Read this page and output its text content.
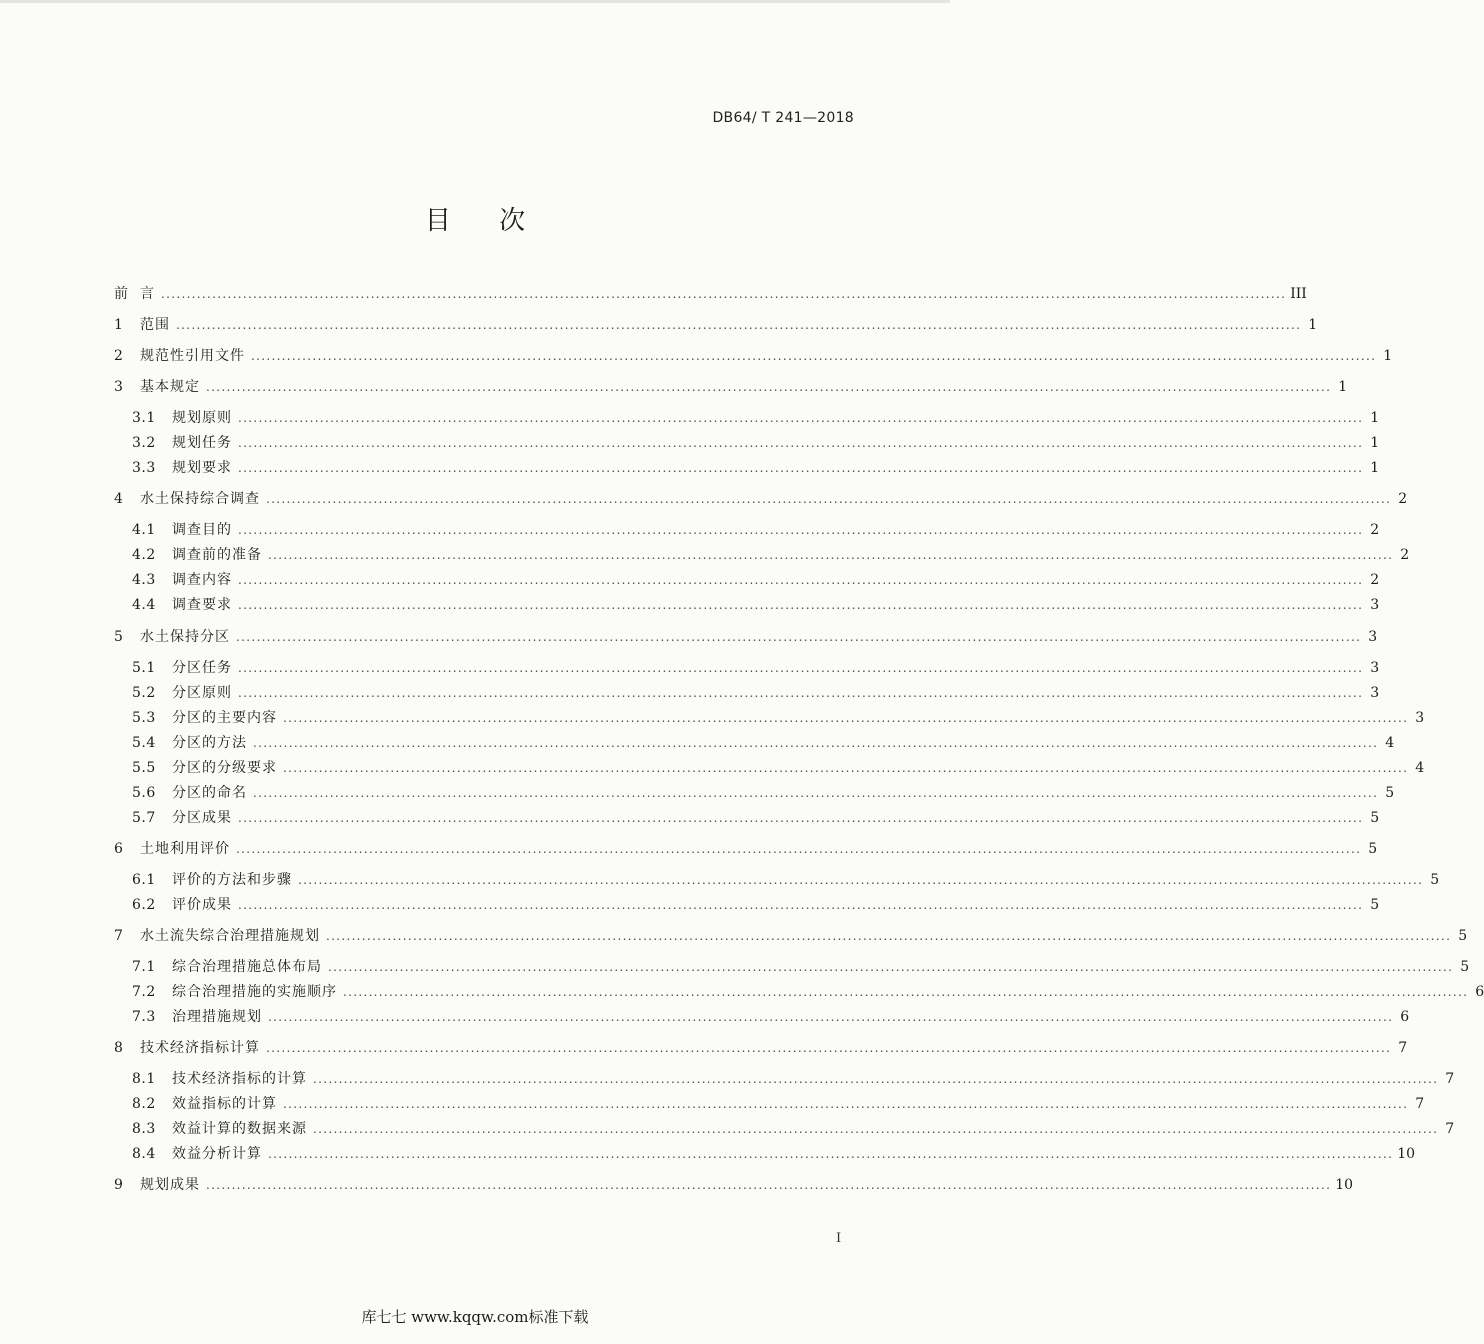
DB64/ T 241—2018
目 次
前 言 ............................................................................................................................................................................................................................ III
1	范围 ............................................................................................................................................................................................................................ 1
2	规范性引用文件 ............................................................................................................................................................................................................................ 1
3	基本规定 ............................................................................................................................................................................................................................ 1
3.1	规划原则 ............................................................................................................................................................................................................................ 1
3.2	规划任务 ............................................................................................................................................................................................................................ 1
3.3	规划要求 ............................................................................................................................................................................................................................ 1
4	水土保持综合调查 ............................................................................................................................................................................................................................ 2
4.1	调查目的 ............................................................................................................................................................................................................................ 2
4.2	调查前的准备 ............................................................................................................................................................................................................................ 2
4.3	调查内容 ............................................................................................................................................................................................................................ 2
4.4	调查要求 ............................................................................................................................................................................................................................ 3
5	水土保持分区 ............................................................................................................................................................................................................................ 3
5.1	分区任务 ............................................................................................................................................................................................................................ 3
5.2	分区原则 ............................................................................................................................................................................................................................ 3
5.3	分区的主要内容 ............................................................................................................................................................................................................................ 3
5.4	分区的方法 ............................................................................................................................................................................................................................ 4
5.5	分区的分级要求 ............................................................................................................................................................................................................................ 4
5.6	分区的命名 ............................................................................................................................................................................................................................ 5
5.7	分区成果 ............................................................................................................................................................................................................................ 5
6	土地利用评价 ............................................................................................................................................................................................................................ 5
6.1	评价的方法和步骤 ............................................................................................................................................................................................................................ 5
6.2	评价成果 ............................................................................................................................................................................................................................ 5
7	水土流失综合治理措施规划 ............................................................................................................................................................................................................................ 5
7.1	综合治理措施总体布局 ............................................................................................................................................................................................................................ 5
7.2	综合治理措施的实施顺序 ............................................................................................................................................................................................................................ 6
7.3	治理措施规划 ............................................................................................................................................................................................................................ 6
8	技术经济指标计算 ............................................................................................................................................................................................................................ 7
8.1	技术经济指标的计算 ............................................................................................................................................................................................................................ 7
8.2	效益指标的计算 ............................................................................................................................................................................................................................ 7
8.3	效益计算的数据来源 ............................................................................................................................................................................................................................ 7
8.4	效益分析计算 ............................................................................................................................................................................................................................ 10
9	规划成果 ............................................................................................................................................................................................................................ 10
I
库七七 www.kqqw.com标准下载
